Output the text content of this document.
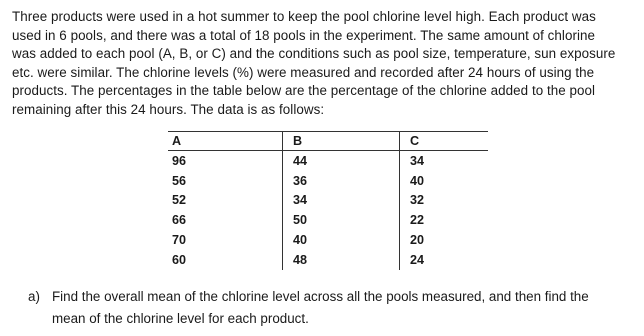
Three products were used in a hot summer to keep the pool chlorine level high. Each product was
used in 6 pools, and there was a total of 18 pools in the experiment. The same amount of chlorine
was added to each pool (A, B, or C) and the conditions such as pool size, temperature, sun exposure
etc. were similar. The chlorine levels (%) were measured and recorded after 24 hours of using the
products. The percentages in the table below are the percentage of the chlorine added to the pool
remaining after this 24 hours. The data is as follows:
A	B	C
96	44	34
56	36	40
52	34	32
66	50	22
70	40	20
60	48	24
a) Find the overall mean of the chlorine level across all the pools measured, and then find the
mean of the chlorine level for each product.
